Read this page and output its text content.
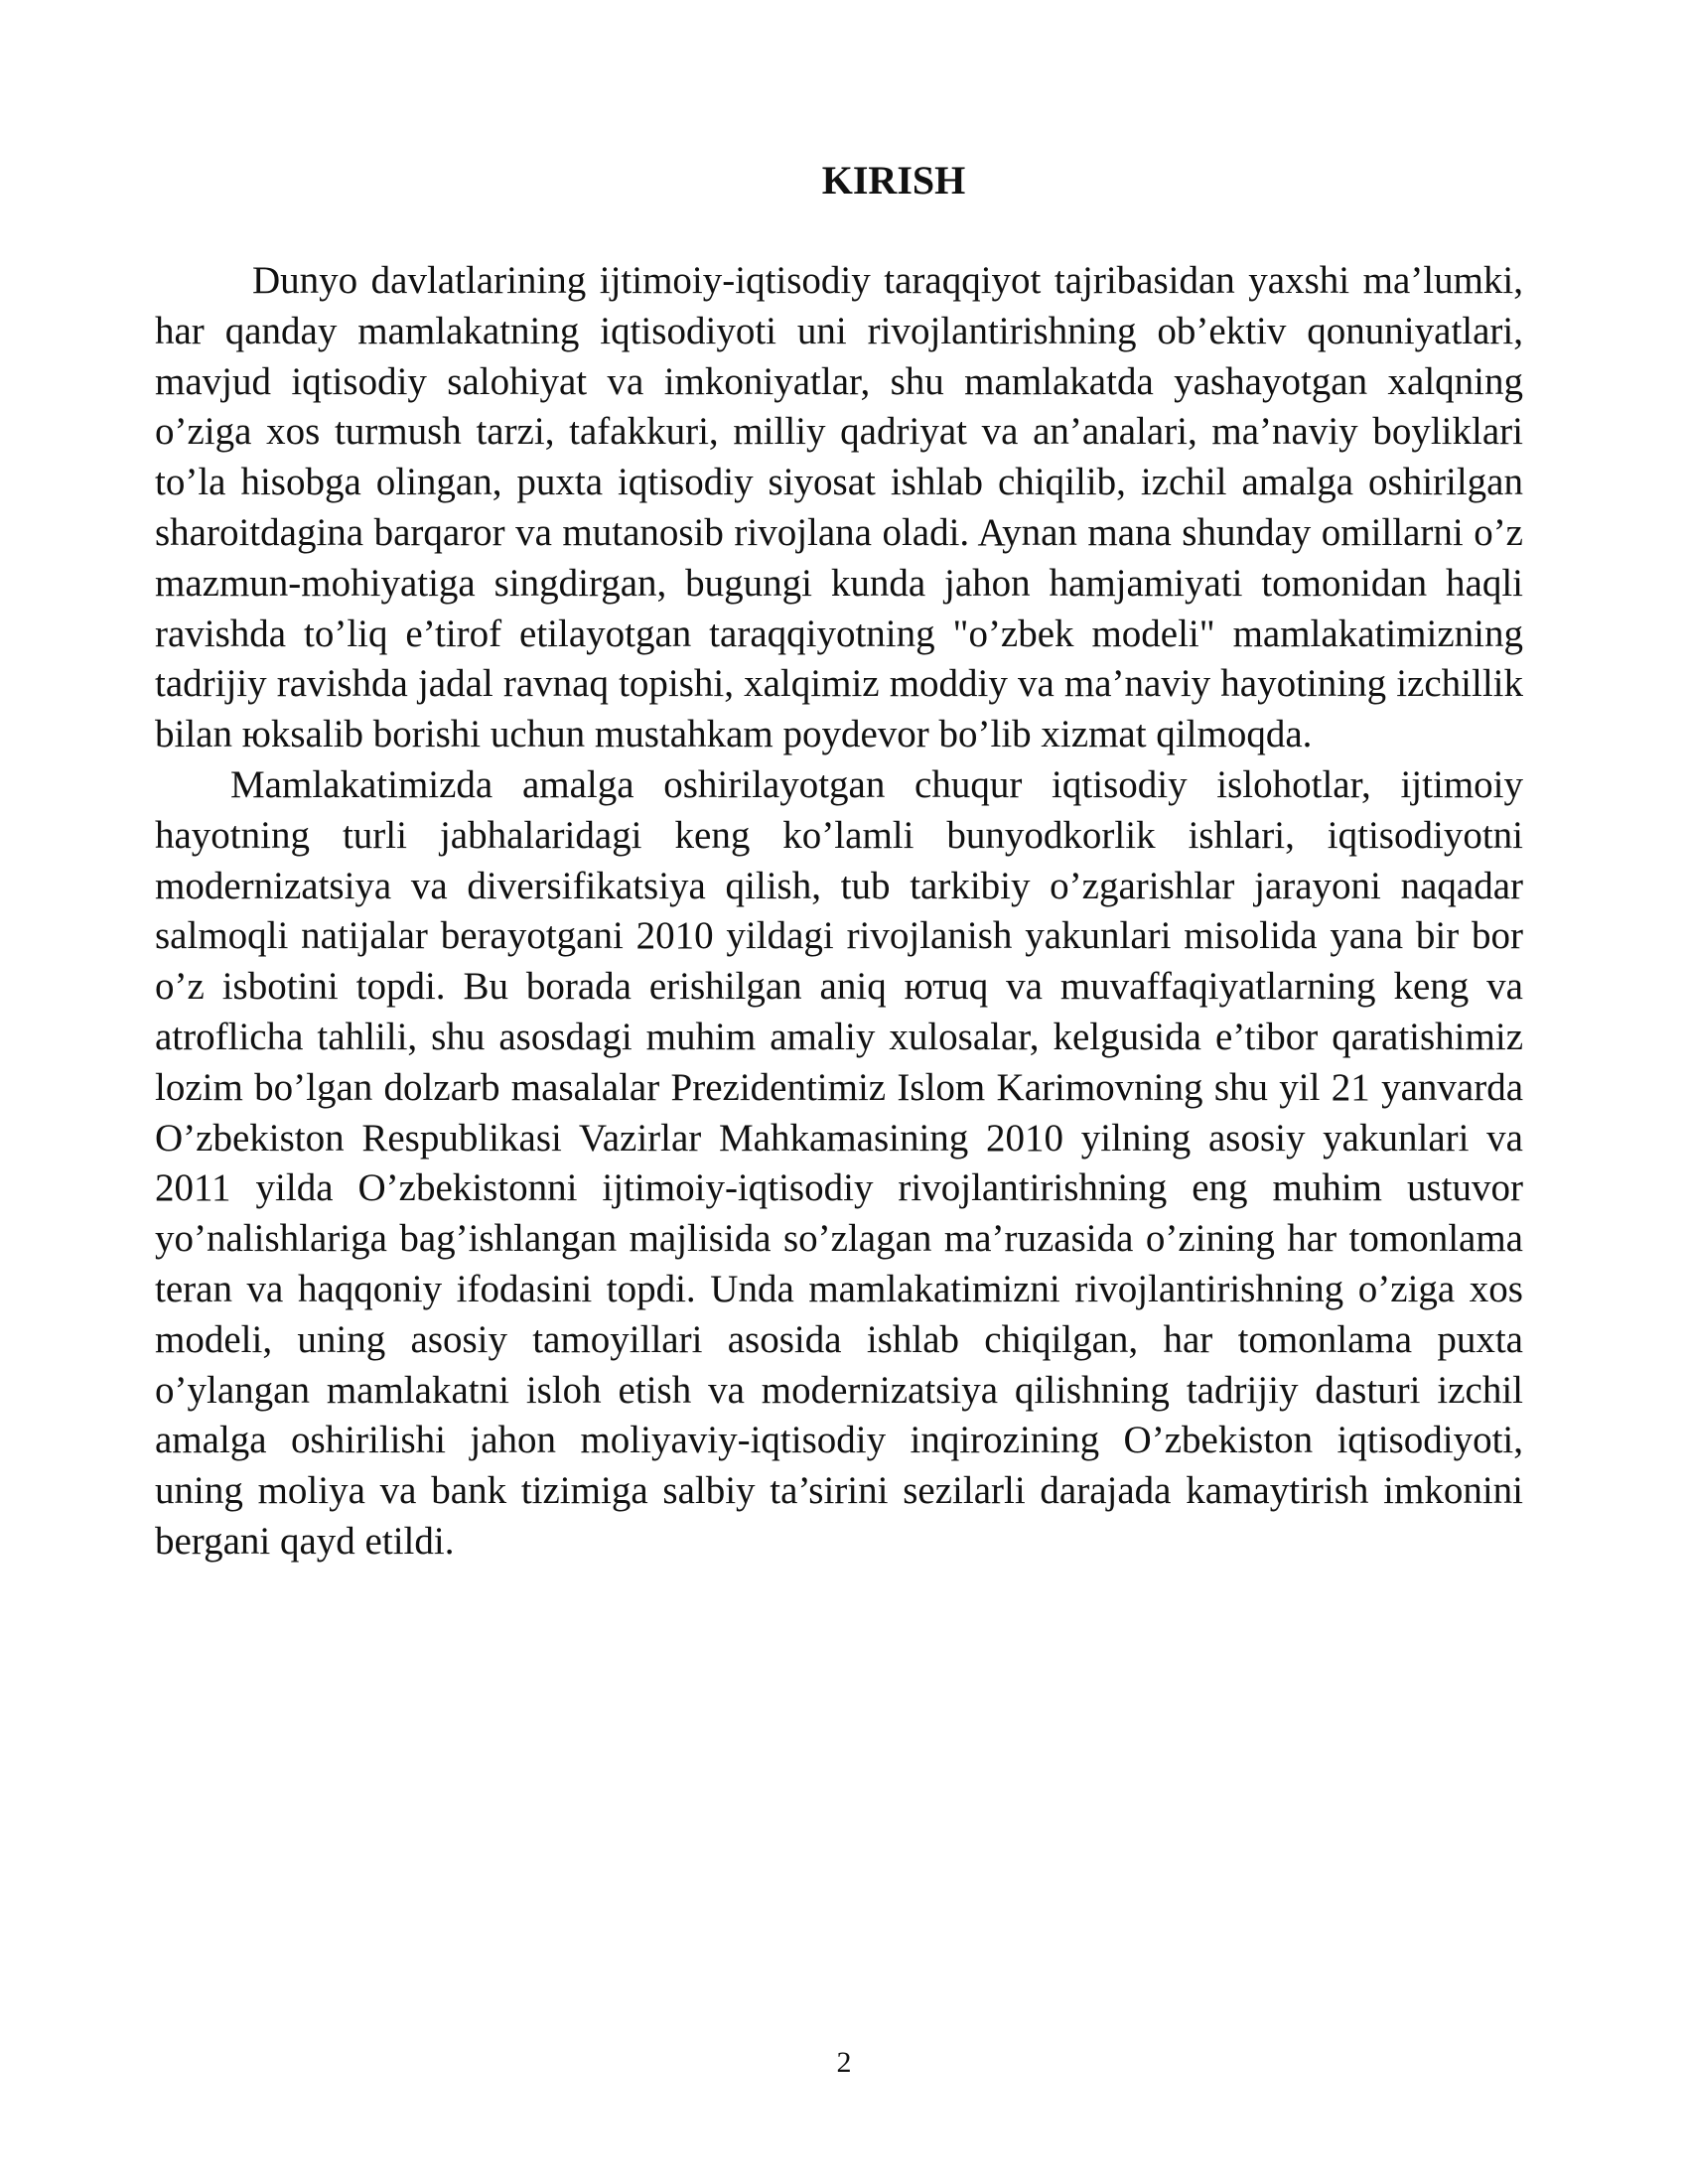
KIRISH

Dunyo davlatlarining ijtimoiy-iqtisodiy taraqqiyot tajribasidan yaxshi ma’lumki, har qanday mamlakatning iqtisodiyoti uni rivojlantirishning ob’ektiv qonuniyatlari, mavjud iqtisodiy salohiyat va imkoniyatlar, shu mamlakatda yashayotgan xalqning o’ziga xos turmush tarzi, tafakkuri, milliy qadriyat va an’analari, ma’naviy boyliklari to’la hisobga olingan, puxta iqtisodiy siyosat ishlab chiqilib, izchil amalga oshirilgan sharoitdagina barqaror va mutanosib rivojlana oladi. Aynan mana shunday omillarni o’z mazmun-mohiyatiga singdirgan, bugungi kunda jahon hamjamiyati tomonidan haqli ravishda to’liq e’tirof etilayotgan taraqqiyotning "o’zbek modeli" mamlakatimizning tadrijiy ravishda jadal ravnaq topishi, xalqimiz moddiy va ma’naviy hayotining izchillik bilan юksalib borishi uchun mustahkam poydevor bo’lib xizmat qilmoqda.

Mamlakatimizda amalga oshirilayotgan chuqur iqtisodiy islohotlar, ijtimoiy hayotning turli jabhalaridagi keng ko’lamli bunyodkorlik ishlari, iqtisodiyotni modernizatsiya va diversifikatsiya qilish, tub tarkibiy o’zgarishlar jarayoni naqadar salmoqli natijalar berayotgani 2010 yildagi rivojlanish yakunlari misolida yana bir bor o’z isbotini topdi. Bu borada erishilgan aniq ютuq va muvaffaqiyatlarning keng va atroflicha tahlili, shu asosdagi muhim amaliy xulosalar, kelgusida e’tibor qaratishimiz lozim bo’lgan dolzarb masalalar Prezidentimiz Islom Karimovning shu yil 21 yanvarda O’zbekiston Respublikasi Vazirlar Mahkamasining 2010 yilning asosiy yakunlari va 2011 yilda O’zbekistonni ijtimoiy-iqtisodiy rivojlantirishning eng muhim ustuvor yo’nalishlariga bag’ishlangan majlisida so’zlagan ma’ruzasida o’zining har tomonlama teran va haqqoniy ifodasini topdi. Unda mamlakatimizni rivojlantirishning o’ziga xos modeli, uning asosiy tamoyillari asosida ishlab chiqilgan, har tomonlama puxta o’ylangan mamlakatni isloh etish va modernizatsiya qilishning tadrijiy dasturi izchil amalga oshirilishi jahon moliyaviy-iqtisodiy inqirozining O’zbekiston iqtisodiyoti, uning moliya va bank tizimiga salbiy ta’sirini sezilarli darajada kamaytirish imkonini bergani qayd etildi.

2
